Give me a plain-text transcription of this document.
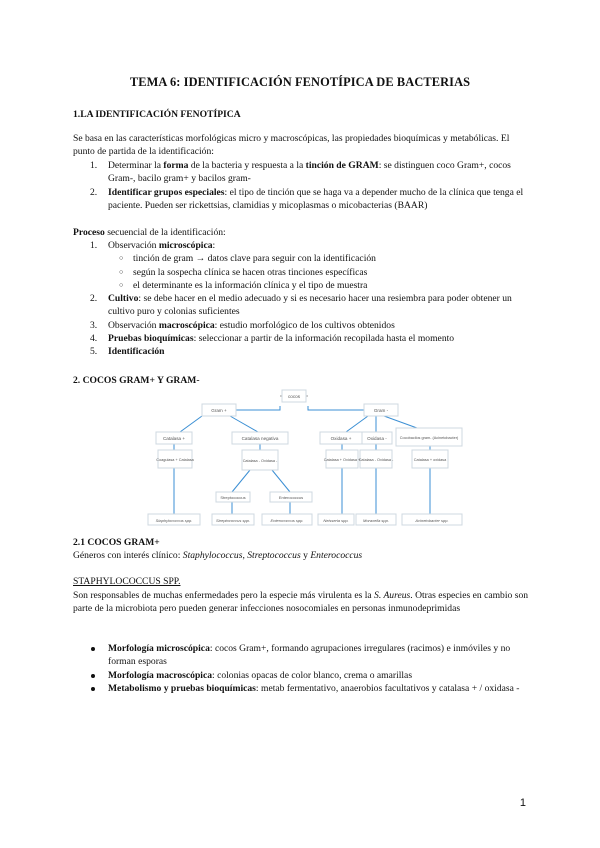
TEMA 6: IDENTIFICACIÓN FENOTÍPICA DE BACTERIAS
1.LA IDENTIFICACIÓN FENOTÍPICA
Se basa en las características morfológicas micro y macroscópicas, las propiedades bioquímicas y metabólicas. El punto de partida de la identificación:
1. Determinar la forma de la bacteria y respuesta a la tinción de GRAM: se distinguen coco Gram+, cocos Gram-, bacilo gram+ y bacilos gram-
2. Identificar grupos especiales: el tipo de tinción que se haga va a depender mucho de la clínica que tenga el paciente. Pueden ser rickettsias, clamidias y micoplasmas o micobacterias (BAAR)
Proceso secuencial de la identificación:
1. Observación microscópica:
○ tinción de gram → datos clave para seguir con la identificación
○ según la sospecha clínica se hacen otras tinciones específicas
○ el determinante es la información clínica y el tipo de muestra
2. Cultivo: se debe hacer en el medio adecuado y si es necesario hacer una resiembra para poder obtener un cultivo puro y colonias suficientes
3. Observación macroscópica: estudio morfológico de los cultivos obtenidos
4. Pruebas bioquímicas: seleccionar a partir de la información recopilada hasta el momento
5. Identificación
2. COCOS GRAM+ Y GRAM-
cocos
Gram +	Gram -
Catalasa +	Catalasa negativa	Oxidasa +	Oxidasa -	Cocobacilos gram- (Acinetobacter)
Coagulasa + Catalasa	Catalasa - Oxidasa -	Catalasa + Oxidasa +
Catalasa - Oxidasa -	Catalasa + oxidasa
Streptococcus	Enterococcus
Staphylococcus spp.	Streptococcus spp.	Enterococcus spp.	Neisseria spp.	Moraxella spp.	Acinetobacter spp.
2.1 COCOS GRAM+
Géneros con interés clínico: Staphylococcus, Streptococcus y Enterococcus
STAPHYLOCOCCUS SPP.
Son responsables de muchas enfermedades pero la especie más virulenta es la S. Aureus. Otras especies en cambio son parte de la microbiota pero pueden generar infecciones nosocomiales en personas inmunodeprimidas
Morfología microscópica: cocos Gram+, formando agrupaciones irregulares (racimos) e inmóviles y no forman esporas
Morfología macroscópica: colonias opacas de color blanco, crema o amarillas
Metabolismo y pruebas bioquímicas: metab fermentativo, anaerobios facultativos y catalasa + / oxidasa -
1
